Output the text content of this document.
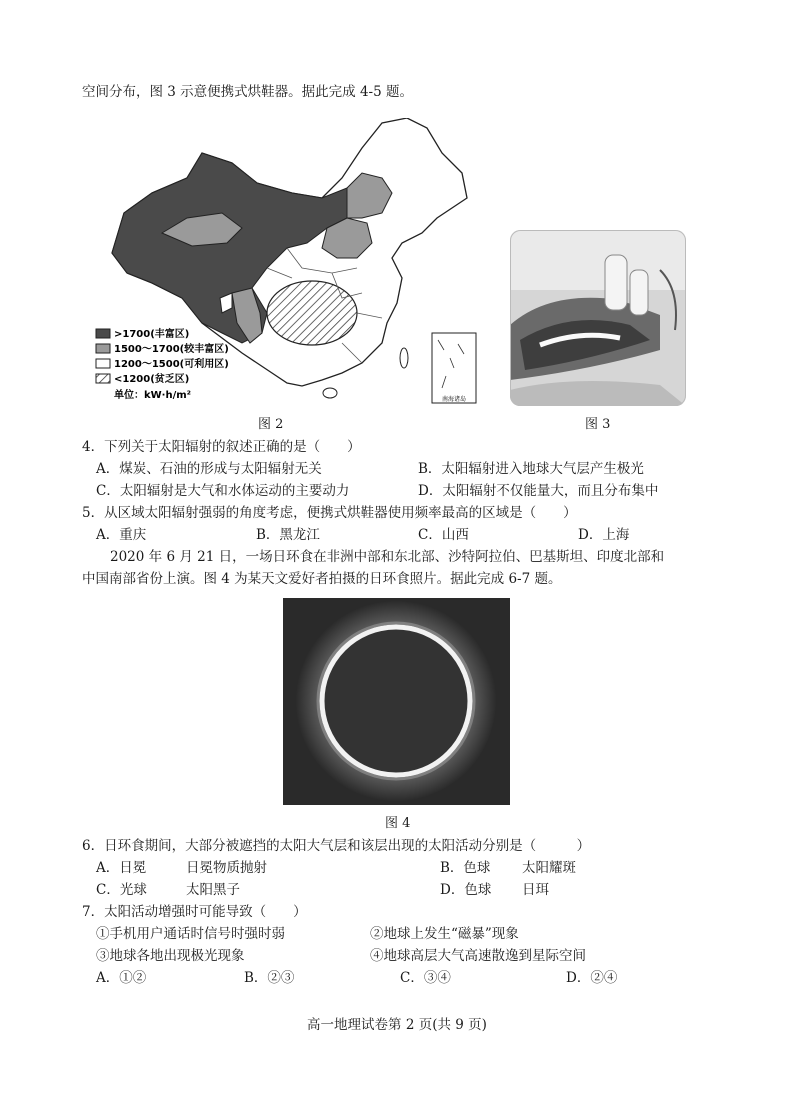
空间分布，图 3 示意便携式烘鞋器。据此完成 4-5 题。
南海诸岛
>1700(丰富区)
1500～1700(较丰富区)
1200～1500(可利用区)
<1200(贫乏区)
单位：kW·h/m²
图 2	图 3
4．下列关于太阳辐射的叙述正确的是（　　）
A．煤炭、石油的形成与太阳辐射无关	B．太阳辐射进入地球大气层产生极光
C．太阳辐射是大气和水体运动的主要动力	D．太阳辐射不仅能量大，而且分布集中
5．从区域太阳辐射强弱的角度考虑，便携式烘鞋器使用频率最高的区域是（　　）
A．重庆	B．黑龙江	C．山西	D．上海
2020 年 6 月 21 日，一场日环食在非洲中部和东北部、沙特阿拉伯、巴基斯坦、印度北部和
中国南部省份上演。图 4 为某天文爱好者拍摄的日环食照片。据此完成 6-7 题。
图 4
6．日环食期间，大部分被遮挡的太阳大气层和该层出现的太阳活动分别是（　　　）
A．日冕	日冕物质抛射	B．色球 太阳耀斑
C．光球	太阳黑子	D．色球 日珥
7．太阳活动增强时可能导致（　　）
①手机用户通话时信号时强时弱	②地球上发生“磁暴”现象
③地球各地出现极光现象	④地球高层大气高速散逸到星际空间
A．①②	B．②③	C．③④	D．②④
高一地理试卷第 2 页(共 9 页)
